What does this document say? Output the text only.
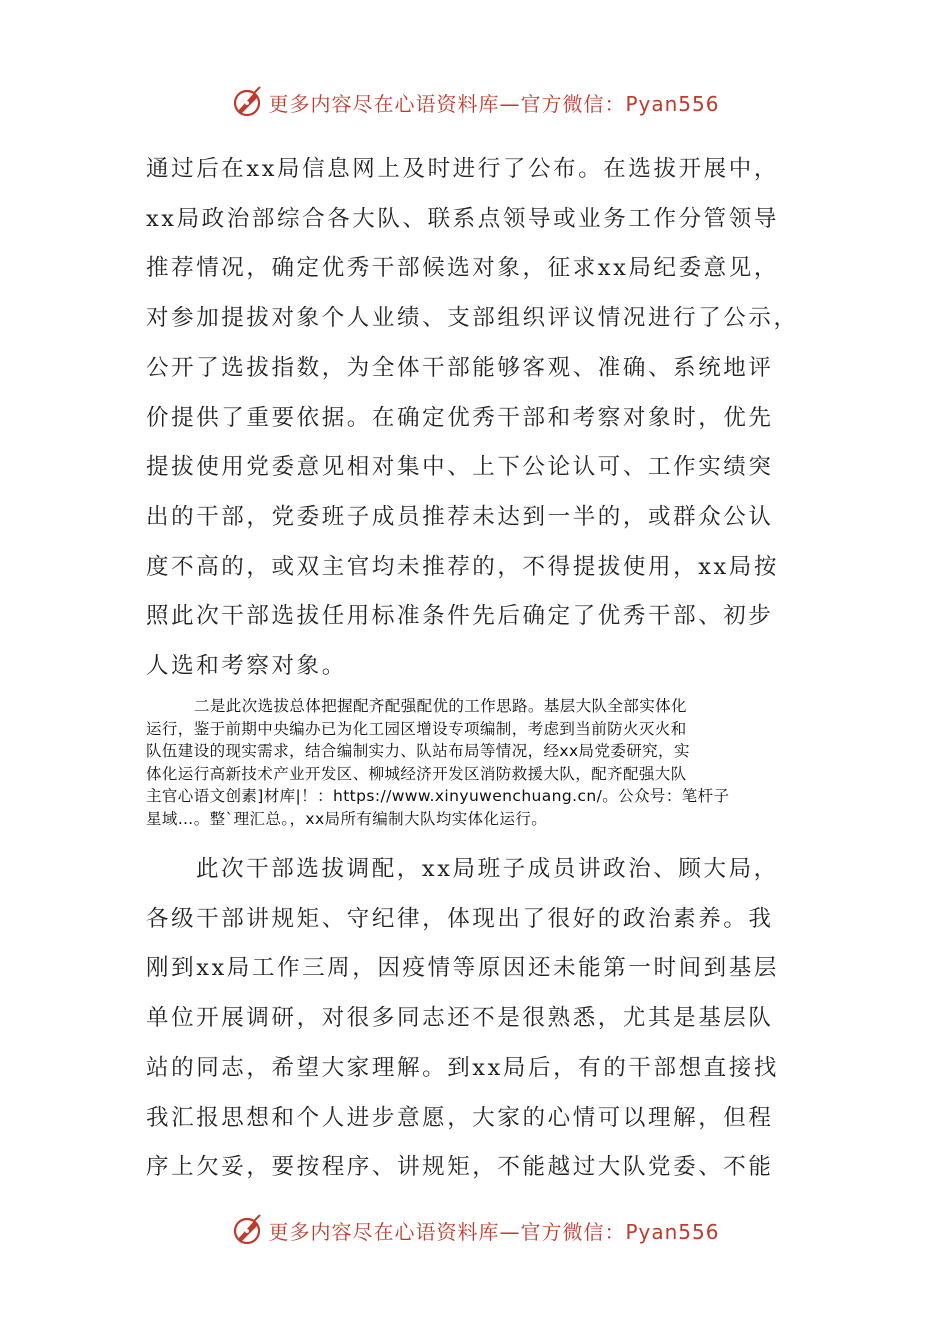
更多内容尽在心语资料库—官方微信：Pyan556
通过后在xx局信息网上及时进行了公布。在选拔开展中，
xx局政治部综合各大队、联系点领导或业务工作分管领导
推荐情况，确定优秀干部候选对象，征求xx局纪委意见，
对参加提拔对象个人业绩、支部组织评议情况进行了公示，
公开了选拔指数，为全体干部能够客观、准确、系统地评
价提供了重要依据。在确定优秀干部和考察对象时，优先
提拔使用党委意见相对集中、上下公论认可、工作实绩突
出的干部，党委班子成员推荐未达到一半的，或群众公认
度不高的，或双主官均未推荐的，不得提拔使用，xx局按
照此次干部选拔任用标准条件先后确定了优秀干部、初步
人选和考察对象。
二是此次选拔总体把握配齐配强配优的工作思路。基层大队全部实体化
运行，鉴于前期中央编办已为化工园区增设专项编制，考虑到当前防火灭火和
队伍建设的现实需求，结合编制实力、队站布局等情况，经xx局党委研究，实
体化运行高新技术产业开发区、柳城经济开发区消防救援大队，配齐配强大队
主官心语文创素]材库|！：https://www.xinyuwenchuang.cn/。公众号：笔杆子
星域…。整`理汇总。，xx局所有编制大队均实体化运行。
此次干部选拔调配，xx局班子成员讲政治、顾大局，
各级干部讲规矩、守纪律，体现出了很好的政治素养。我
刚到xx局工作三周，因疫情等原因还未能第一时间到基层
单位开展调研，对很多同志还不是很熟悉，尤其是基层队
站的同志，希望大家理解。到xx局后，有的干部想直接找
我汇报思想和个人进步意愿，大家的心情可以理解，但程
序上欠妥，要按程序、讲规矩，不能越过大队党委、不能
更多内容尽在心语资料库—官方微信：Pyan556
